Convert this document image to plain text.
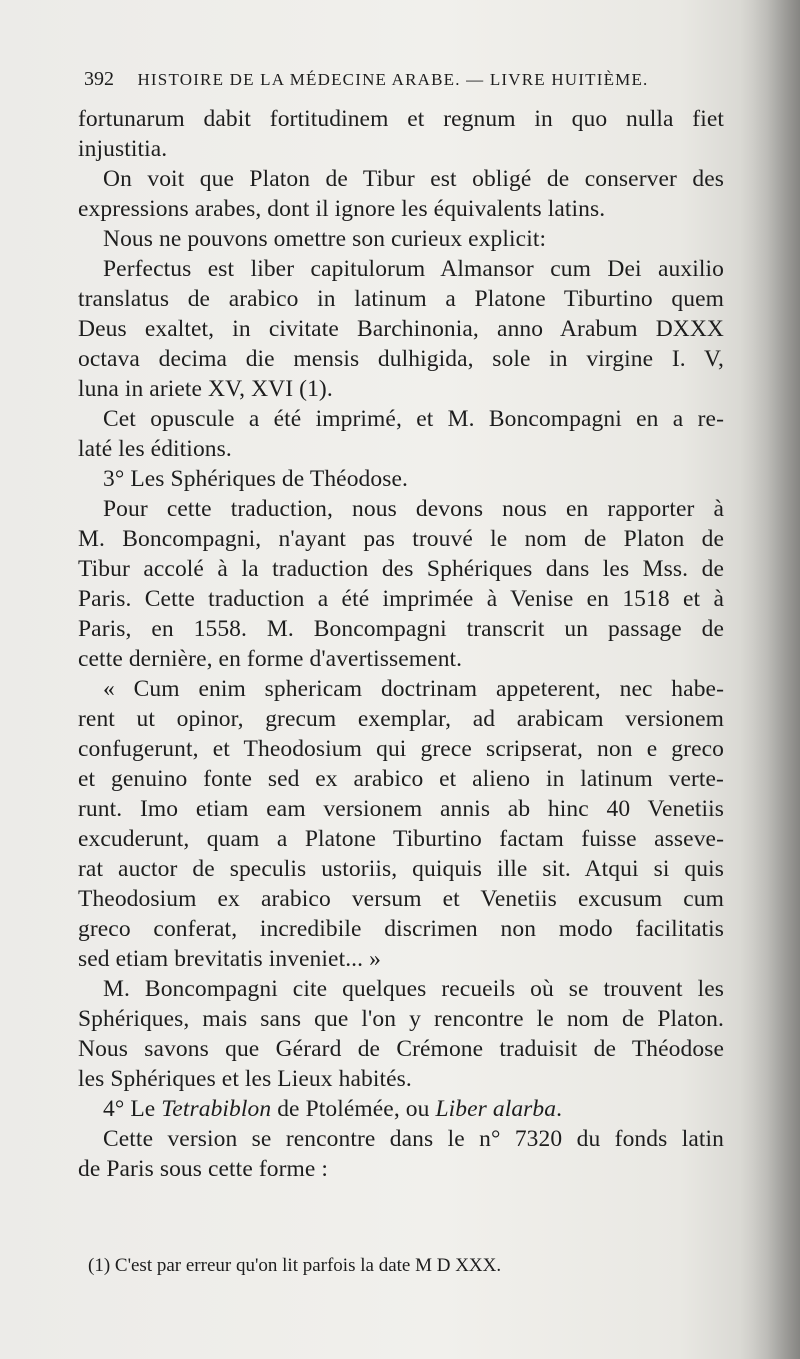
392 HISTOIRE DE LA MÉDECINE ARABE. — LIVRE HUITIÈME.
fortunarum dabit fortitudinem et regnum in quo nulla fiet
injustitia.
On voit que Platon de Tibur est obligé de conserver des
expressions arabes, dont il ignore les équivalents latins.
Nous ne pouvons omettre son curieux explicit:
Perfectus est liber capitulorum Almansor cum Dei auxilio
translatus de arabico in latinum a Platone Tiburtino quem
Deus exaltet, in civitate Barchinonia, anno Arabum DXXX
octava decima die mensis dulhigida, sole in virgine I. V,
luna in ariete XV, XVI (1).
Cet opuscule a été imprimé, et M. Boncompagni en a re-
laté les éditions.
3° Les Sphériques de Théodose.
Pour cette traduction, nous devons nous en rapporter à
M. Boncompagni, n'ayant pas trouvé le nom de Platon de
Tibur accolé à la traduction des Sphériques dans les Mss. de
Paris. Cette traduction a été imprimée à Venise en 1518 et à
Paris, en 1558. M. Boncompagni transcrit un passage de
cette dernière, en forme d'avertissement.
« Cum enim sphericam doctrinam appeterent, nec habe-
rent ut opinor, grecum exemplar, ad arabicam versionem
confugerunt, et Theodosium qui grece scripserat, non e greco
et genuino fonte sed ex arabico et alieno in latinum verte-
runt. Imo etiam eam versionem annis ab hinc 40 Venetiis
excuderunt, quam a Platone Tiburtino factam fuisse asseve-
rat auctor de speculis ustoriis, quiquis ille sit. Atqui si quis
Theodosium ex arabico versum et Venetiis excusum cum
greco conferat, incredibile discrimen non modo facilitatis
sed etiam brevitatis inveniet... »
M. Boncompagni cite quelques recueils où se trouvent les
Sphériques, mais sans que l'on y rencontre le nom de Platon.
Nous savons que Gérard de Crémone traduisit de Théodose
les Sphériques et les Lieux habités.
4° Le Tetrabiblon de Ptolémée, ou Liber alarba.
Cette version se rencontre dans le n° 7320 du fonds latin
de Paris sous cette forme :
(1) C'est par erreur qu'on lit parfois la date M D XXX.
